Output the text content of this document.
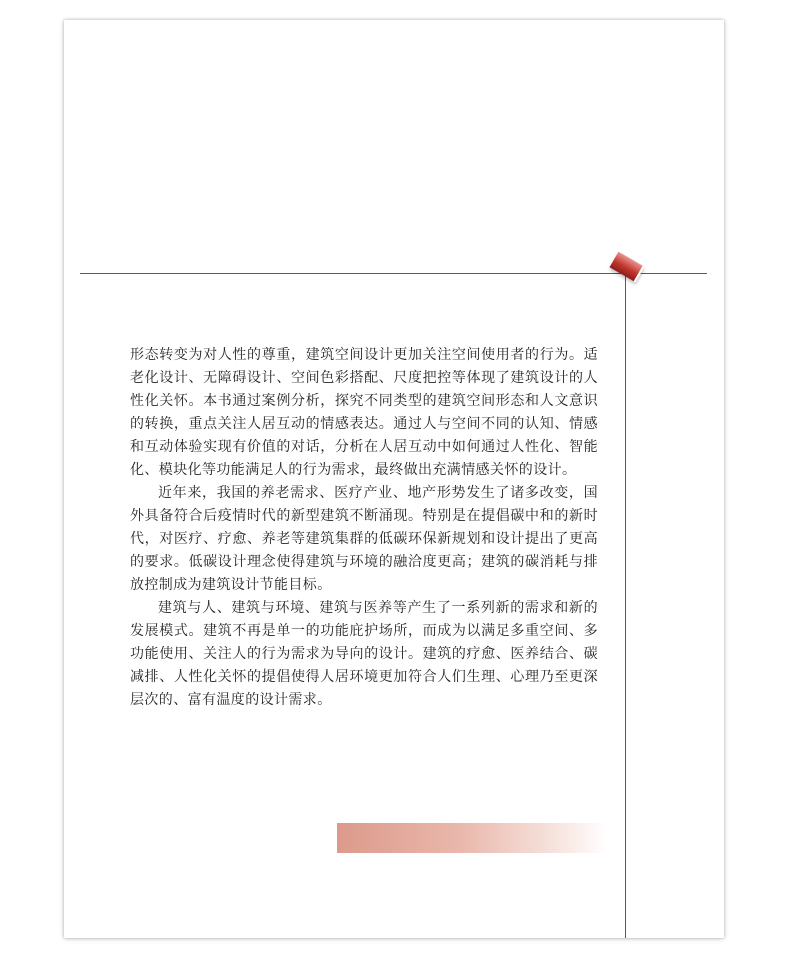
形态转变为对人性的尊重，建筑空间设计更加关注空间使用者的行为。适老化设计、无障碍设计、空间色彩搭配、尺度把控等体现了建筑设计的人性化关怀。本书通过案例分析，探究不同类型的建筑空间形态和人文意识的转换，重点关注人居互动的情感表达。通过人与空间不同的认知、情感和互动体验实现有价值的对话，分析在人居互动中如何通过人性化、智能化、模块化等功能满足人的行为需求，最终做出充满情感关怀的设计。

近年来，我国的养老需求、医疗产业、地产形势发生了诸多改变，国外具备符合后疫情时代的新型建筑不断涌现。特别是在提倡碳中和的新时代，对医疗、疗愈、养老等建筑集群的低碳环保新规划和设计提出了更高的要求。低碳设计理念使得建筑与环境的融洽度更高；建筑的碳消耗与排放控制成为建筑设计节能目标。

建筑与人、建筑与环境、建筑与医养等产生了一系列新的需求和新的发展模式。建筑不再是单一的功能庇护场所，而成为以满足多重空间、多功能使用、关注人的行为需求为导向的设计。建筑的疗愈、医养结合、碳减排、人性化关怀的提倡使得人居环境更加符合人们生理、心理乃至更深层次的、富有温度的设计需求。
